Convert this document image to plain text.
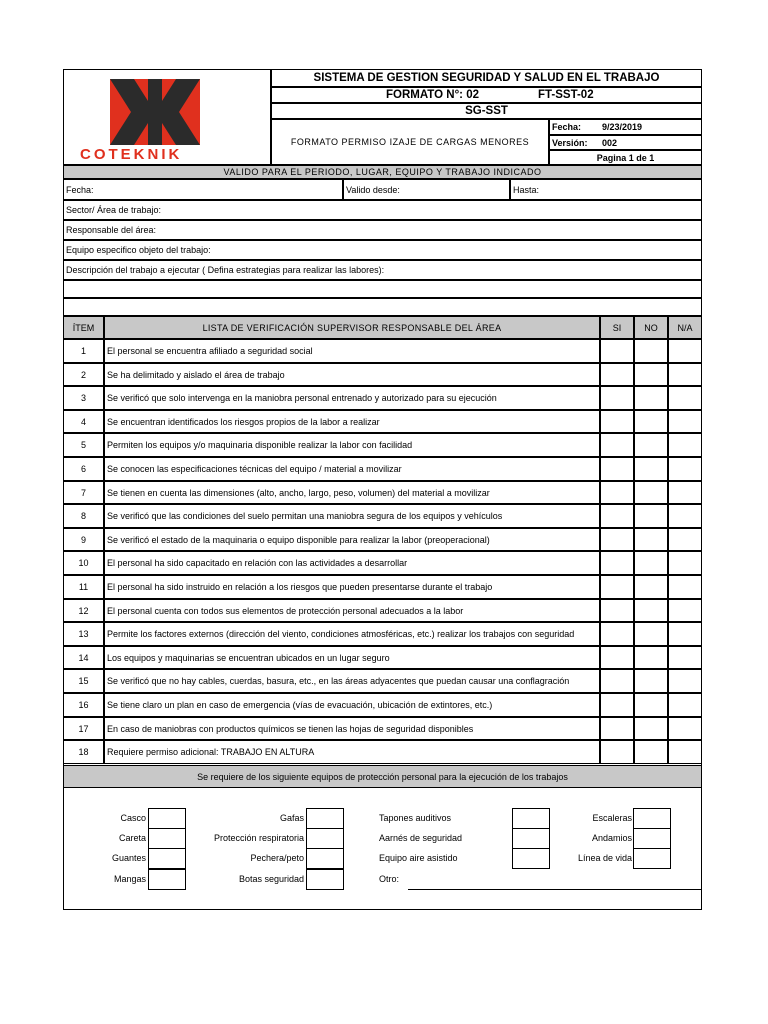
COTEKNIK
SISTEMA DE GESTION SEGURIDAD Y SALUD EN EL TRABAJO
FORMATO N°: 02	FT-SST-02
SG-SST
FORMATO PERMISO IZAJE DE CARGAS MENORES
Fecha: 9/23/2019
Versión: 002
Pagina 1 de 1
VALIDO PARA EL PERIODO, LUGAR, EQUIPO Y TRABAJO INDICADO
Fecha:	Valido desde:	Hasta:
Sector/ Área de trabajo:
Responsable del área:
Equipo especifico objeto del trabajo:
Descripción del trabajo a ejecutar ( Defina estrategias para realizar las labores):
ÍTEM	LISTA DE VERIFICACIÓN SUPERVISOR RESPONSABLE DEL ÁREA	SI	NO	N/A
1	El personal se encuentra afiliado a seguridad social
2	Se ha delimitado y aislado el área de trabajo
3	Se verificó que solo intervenga en la maniobra personal entrenado y autorizado para su ejecución
4	Se encuentran identificados los riesgos propios de la labor a realizar
5	Permiten los equipos y/o maquinaria disponible realizar la labor con facilidad
6	Se conocen las especificaciones técnicas del equipo / material a movilizar
7	Se tienen en cuenta las dimensiones (alto, ancho, largo, peso, volumen) del material a movilizar
8	Se verificó que las condiciones del suelo permitan una maniobra segura de los equipos y vehículos
9	Se verificó el estado de la maquinaria o equipo disponible para realizar la labor (preoperacional)
10	El personal ha sido capacitado en relación con las actividades a desarrollar
11	El personal ha sido instruido en relación a los riesgos que pueden presentarse durante el trabajo
12	El personal cuenta con todos sus elementos de protección personal adecuados a la labor
13	Permite los factores externos (dirección del viento, condiciones atmosféricas, etc.) realizar los trabajos con seguridad
14	Los equipos y maquinarias se encuentran ubicados en un lugar seguro
15	Se verificó que no hay cables, cuerdas, basura, etc., en las áreas adyacentes que puedan causar una conflagración
16	Se tiene claro un plan en caso de emergencia (vías de evacuación, ubicación de extintores, etc.)
17	En caso de maniobras con productos químicos se tienen las hojas de seguridad disponibles
18	Requiere permiso adicional: TRABAJO EN ALTURA
Se requiere de los siguiente equipos de protección personal para la ejecución de los trabajos
Casco
Careta
Guantes
Mangas
Gafas
Protección respiratoria
Pechera/peto
Botas seguridad
Tapones auditivos
Aarnés de seguridad
Equipo aire asistido
Otro:
Escaleras
Andamios
Línea de vida
